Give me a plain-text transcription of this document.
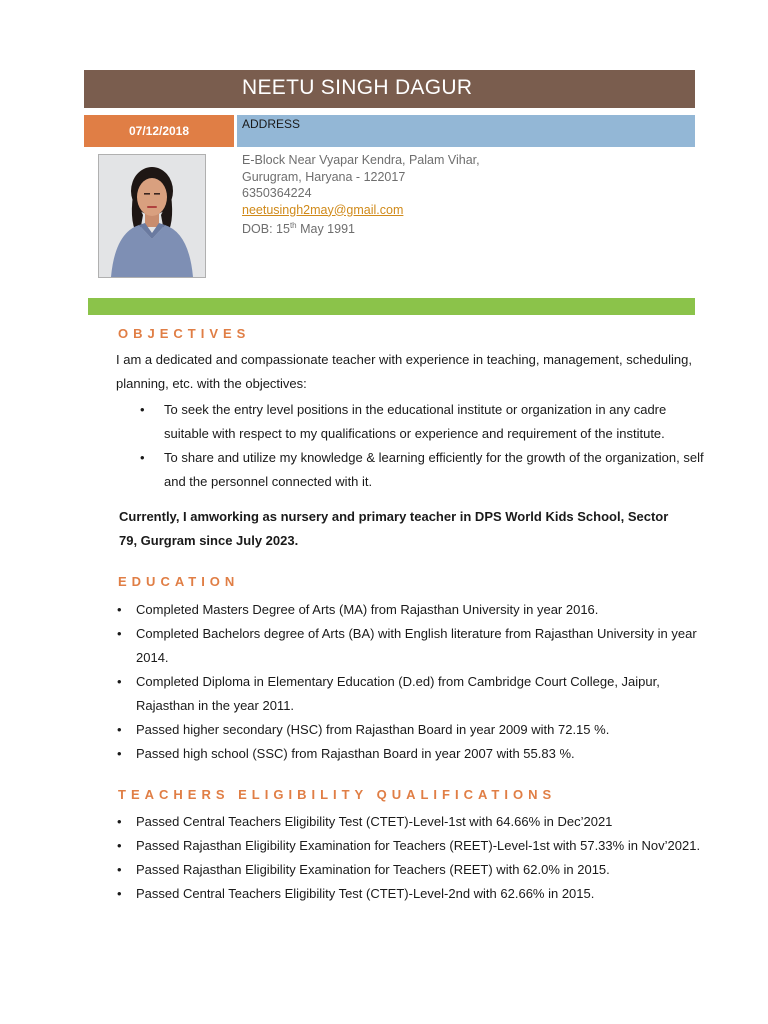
NEETU SINGH DAGUR
07/12/2018	ADDRESS
E-Block Near Vyapar Kendra, Palam Vihar,
Gurugram, Haryana - 122017
6350364224
neetusingh2may@gmail.com
DOB: 15th May 1991
OBJECTIVES
I am a dedicated and compassionate teacher with experience in teaching, management, scheduling, planning, etc. with the objectives:
• To seek the entry level positions in the educational institute or organization in any cadre suitable with respect to my qualifications or experience and requirement of the institute.
• To share and utilize my knowledge & learning efficiently for the growth of the organization, self and the personnel connected with it.
Currently, I amworking as nursery and primary teacher in DPS World Kids School, Sector 79, Gurgram since July 2023.
EDUCATION
• Completed Masters Degree of Arts (MA) from Rajasthan University in year 2016.
• Completed Bachelors degree of Arts (BA) with English literature from Rajasthan University in year 2014.
• Completed Diploma in Elementary Education (D.ed) from Cambridge Court College, Jaipur, Rajasthan in the year 2011.
• Passed higher secondary (HSC) from Rajasthan Board in year 2009 with 72.15 %.
• Passed high school (SSC) from Rajasthan Board in year 2007 with 55.83 %.
TEACHERS ELIGIBILITY QUALIFICATIONS
• Passed Central Teachers Eligibility Test (CTET)-Level-1st with 64.66% in Dec’2021
• Passed Rajasthan Eligibility Examination for Teachers (REET)-Level-1st with 57.33% in Nov’2021.
• Passed Rajasthan Eligibility Examination for Teachers (REET) with 62.0% in 2015.
• Passed Central Teachers Eligibility Test (CTET)-Level-2nd with 62.66% in 2015.
